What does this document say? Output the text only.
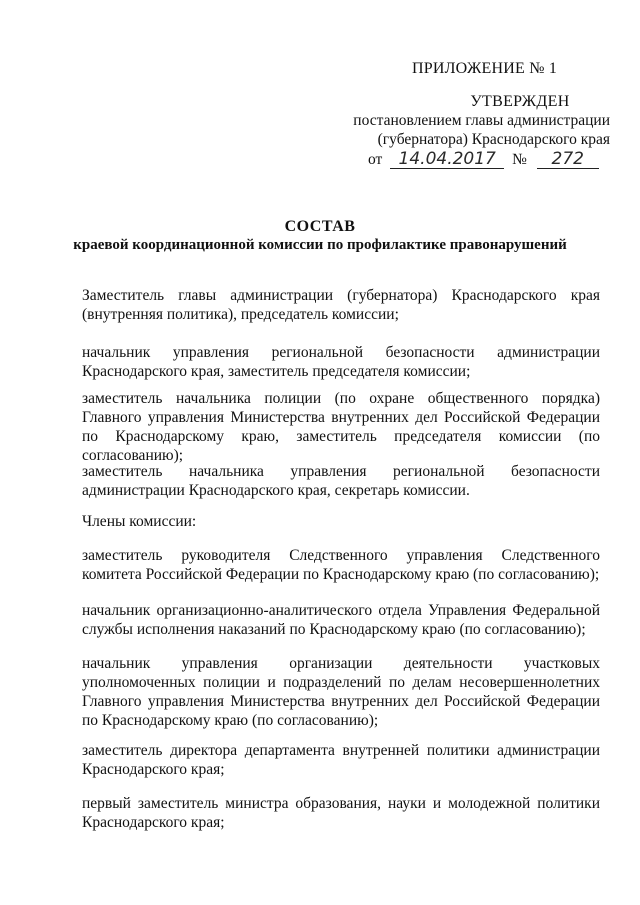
ПРИЛОЖЕНИЕ № 1
УТВЕРЖДЕН
постановлением главы администрации
(губернатора) Краснодарского края
от 14.04.2017 № 272
СОСТАВ
краевой координационной комиссии по профилактике правонарушений
Заместитель главы администрации (губернатора) Краснодарского края (внутренняя политика), председатель комиссии;
начальник управления региональной безопасности администрации Краснодарского края, заместитель председателя комиссии;
заместитель начальника полиции (по охране общественного порядка) Главного управления Министерства внутренних дел Российской Федерации по Краснодарскому краю, заместитель председателя комиссии (по согласованию);
заместитель начальника управления региональной безопасности администрации Краснодарского края, секретарь комиссии.
Члены комиссии:
заместитель руководителя Следственного управления Следственного комитета Российской Федерации по Краснодарскому краю (по согласованию);
начальник организационно-аналитического отдела Управления Федеральной службы исполнения наказаний по Краснодарскому краю (по согласованию);
начальник управления организации деятельности участковых уполномоченных полиции и подразделений по делам несовершеннолетних Главного управления Министерства внутренних дел Российской Федерации по Краснодарскому краю (по согласованию);
заместитель директора департамента внутренней политики администрации Краснодарского края;
первый заместитель министра образования, науки и молодежной политики Краснодарского края;
